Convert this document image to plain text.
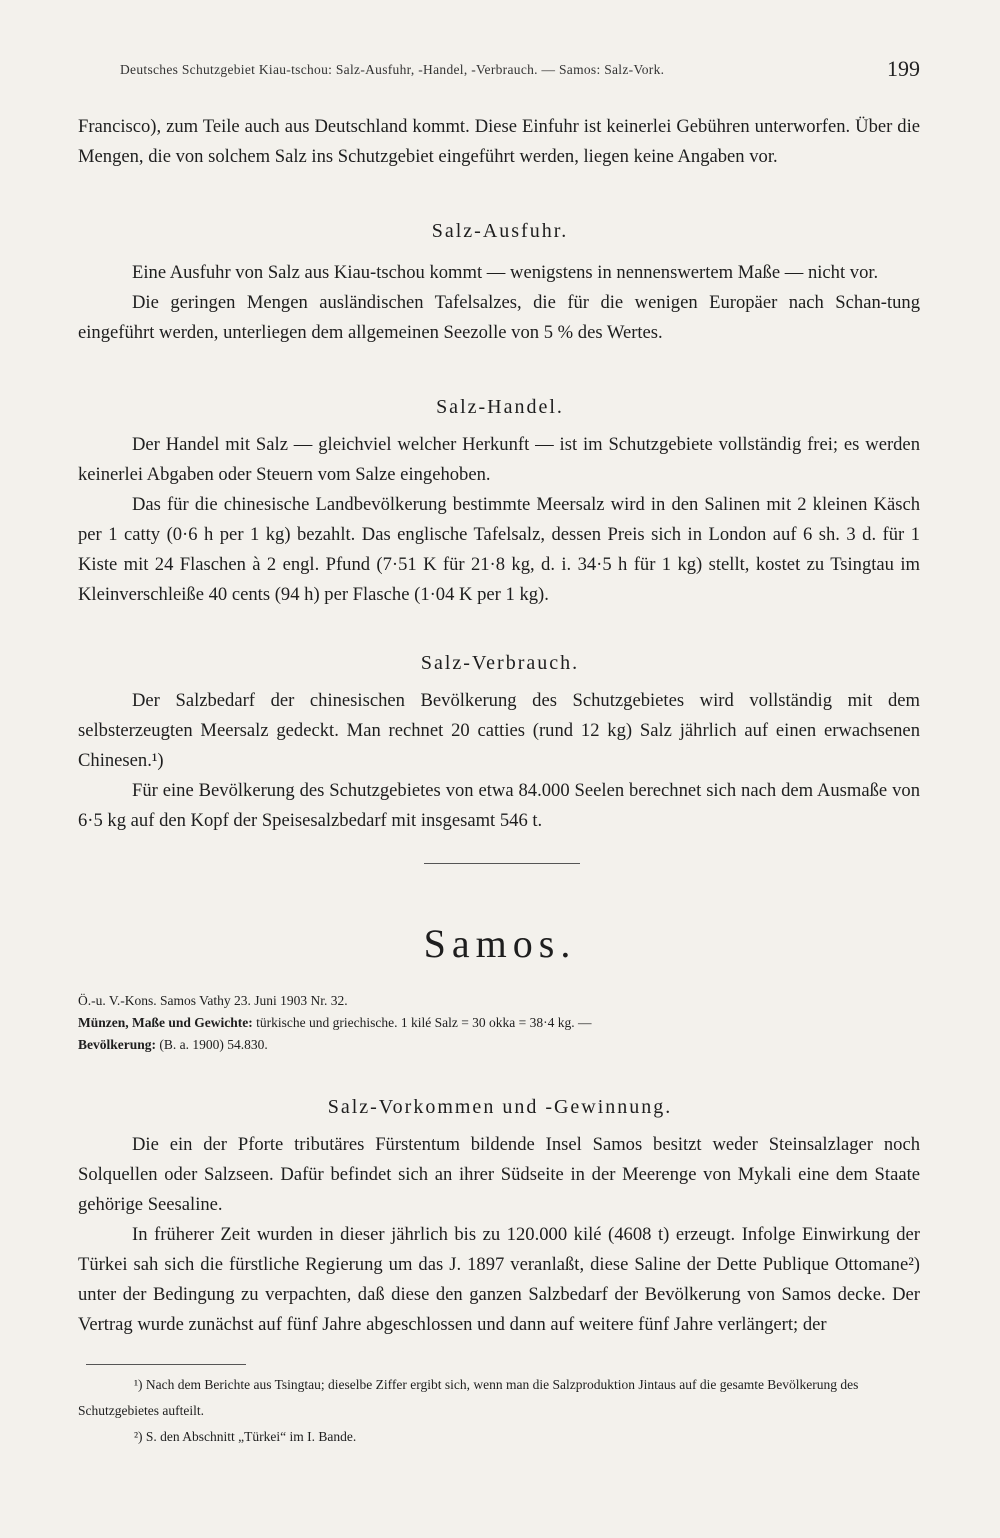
Deutsches Schutzgebiet Kiau-tschou: Salz-Ausfuhr, -Handel, -Verbrauch. — Samos: Salz-Vork.	199

Francisco), zum Teile auch aus Deutschland kommt. Diese Einfuhr ist keinerlei Gebühren unterworfen. Über die Mengen, die von solchem Salz ins Schutzgebiet eingeführt werden, liegen keine Angaben vor.

Salz-Ausfuhr.

Eine Ausfuhr von Salz aus Kiau-tschou kommt — wenigstens in nennenswertem Maße — nicht vor.

Die geringen Mengen ausländischen Tafelsalzes, die für die wenigen Europäer nach Schan-tung eingeführt werden, unterliegen dem allgemeinen Seezolle von 5 % des Wertes.

Salz-Handel.

Der Handel mit Salz — gleichviel welcher Herkunft — ist im Schutzgebiete vollständig frei; es werden keinerlei Abgaben oder Steuern vom Salze eingehoben.

Das für die chinesische Landbevölkerung bestimmte Meersalz wird in den Salinen mit 2 kleinen Käsch per 1 catty (0·6 h per 1 kg) bezahlt. Das englische Tafelsalz, dessen Preis sich in London auf 6 sh. 3 d. für 1 Kiste mit 24 Flaschen à 2 engl. Pfund (7·51 K für 21·8 kg, d. i. 34·5 h für 1 kg) stellt, kostet zu Tsingtau im Kleinverschleiße 40 cents (94 h) per Flasche (1·04 K per 1 kg).

Salz-Verbrauch.

Der Salzbedarf der chinesischen Bevölkerung des Schutzgebietes wird vollständig mit dem selbsterzeugten Meersalz gedeckt. Man rechnet 20 catties (rund 12 kg) Salz jährlich auf einen erwachsenen Chinesen.¹)

Für eine Bevölkerung des Schutzgebietes von etwa 84.000 Seelen berechnet sich nach dem Ausmaße von 6·5 kg auf den Kopf der Speisesalzbedarf mit insgesamt 546 t.

Samos.
Ö.-u. V.-Kons. Samos Vathy 23. Juni 1903 Nr. 32.
Münzen, Maße und Gewichte: türkische und griechische. 1 kilé Salz = 30 okka = 38·4 kg. —
Bevölkerung: (B. a. 1900) 54.830.
Salz-Vorkommen und -Gewinnung.

Die ein der Pforte tributäres Fürstentum bildende Insel Samos besitzt weder Steinsalzlager noch Solquellen oder Salzseen. Dafür befindet sich an ihrer Südseite in der Meerenge von Mykali eine dem Staate gehörige Seesaline.

In früherer Zeit wurden in dieser jährlich bis zu 120.000 kilé (4608 t) erzeugt. Infolge Einwirkung der Türkei sah sich die fürstliche Regierung um das J. 1897 veranlaßt, diese Saline der Dette Publique Ottomane²) unter der Bedingung zu verpachten, daß diese den ganzen Salzbedarf der Bevölkerung von Samos decke. Der Vertrag wurde zunächst auf fünf Jahre abgeschlossen und dann auf weitere fünf Jahre verlängert; der

¹) Nach dem Berichte aus Tsingtau; dieselbe Ziffer ergibt sich, wenn man die Salzproduktion Jintaus auf die gesamte Bevölkerung des Schutzgebietes aufteilt.
²) S. den Abschnitt „Türkei“ im I. Bande.
